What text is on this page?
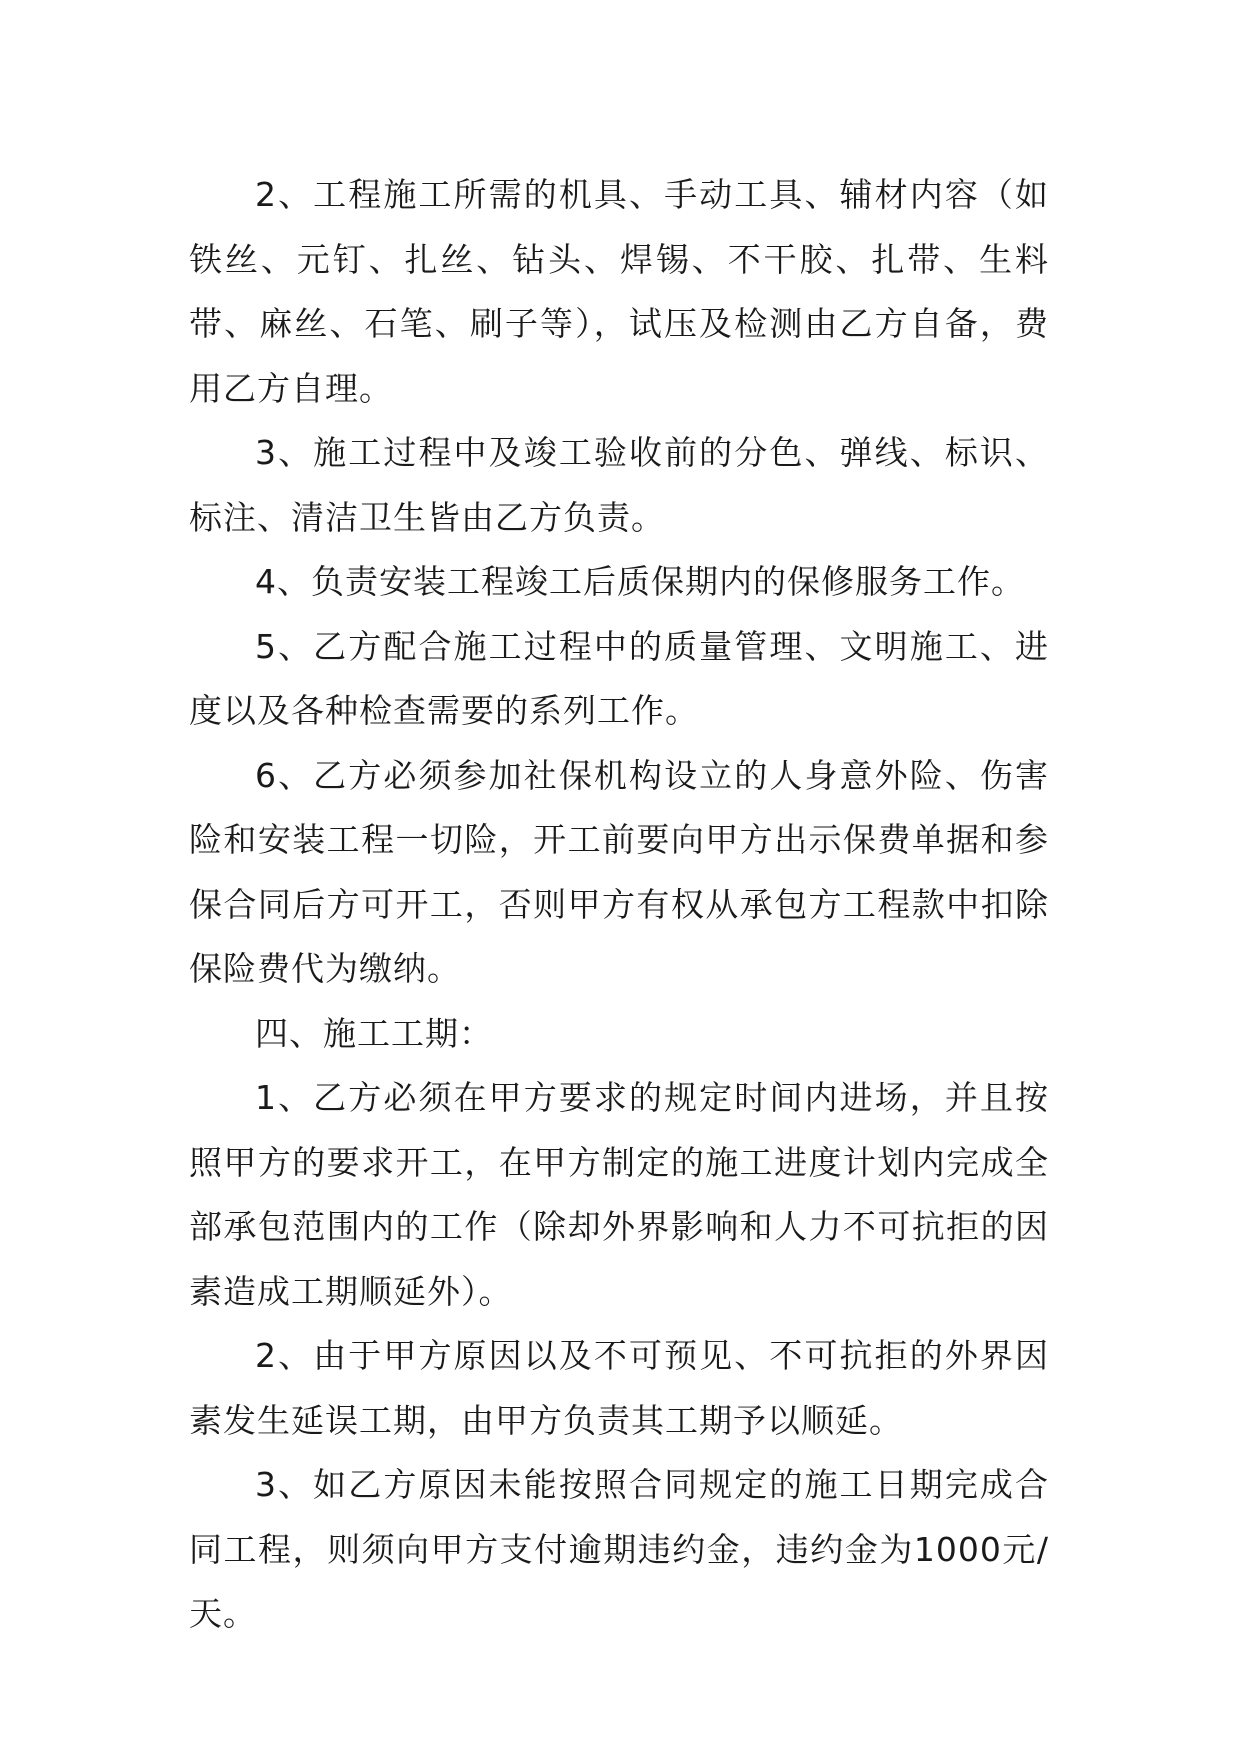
2、工程施工所需的机具、手动工具、辅材内容（如铁丝、元钉、扎丝、钻头、焊锡、不干胶、扎带、生料带、麻丝、石笔、刷子等），试压及检测由乙方自备，费用乙方自理。

3、施工过程中及竣工验收前的分色、弹线、标识、标注、清洁卫生皆由乙方负责。

4、负责安装工程竣工后质保期内的保修服务工作。

5、乙方配合施工过程中的质量管理、文明施工、进度以及各种检查需要的系列工作。

6、乙方必须参加社保机构设立的人身意外险、伤害险和安装工程一切险，开工前要向甲方出示保费单据和参保合同后方可开工，否则甲方有权从承包方工程款中扣除保险费代为缴纳。

四、施工工期：

1、乙方必须在甲方要求的规定时间内进场，并且按照甲方的要求开工，在甲方制定的施工进度计划内完成全部承包范围内的工作（除却外界影响和人力不可抗拒的因素造成工期顺延外）。

2、由于甲方原因以及不可预见、不可抗拒的外界因素发生延误工期，由甲方负责其工期予以顺延。

3、如乙方原因未能按照合同规定的施工日期完成合同工程，则须向甲方支付逾期违约金，违约金为1000元/天。
